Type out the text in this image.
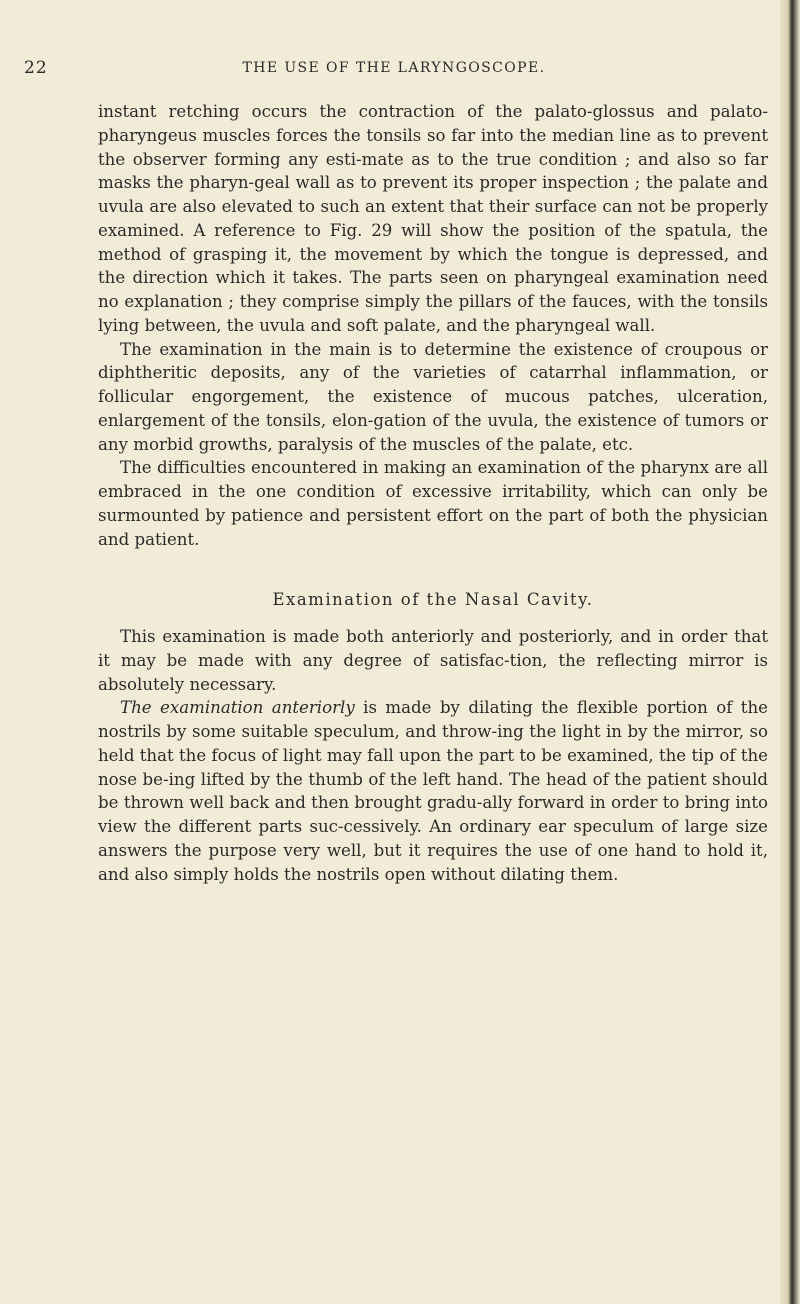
22	THE USE OF THE LARYNGOSCOPE.

instant retching occurs the contraction of the palato-glossus and palato-pharyngeus muscles forces the tonsils so far into the median line as to prevent the observer forming any esti-mate as to the true condition ; and also so far masks the pharyn-geal wall as to prevent its proper inspection ; the palate and uvula are also elevated to such an extent that their surface can not be properly examined. A reference to Fig. 29 will show the position of the spatula, the method of grasping it, the movement by which the tongue is depressed, and the direction which it takes. The parts seen on pharyngeal examination need no explanation ; they comprise simply the pillars of the fauces, with the tonsils lying between, the uvula and soft palate, and the pharyngeal wall.

The examination in the main is to determine the existence of croupous or diphtheritic deposits, any of the varieties of catarrhal inflammation, or follicular engorgement, the existence of mucous patches, ulceration, enlargement of the tonsils, elon-gation of the uvula, the existence of tumors or any morbid growths, paralysis of the muscles of the palate, etc.

The difficulties encountered in making an examination of the pharynx are all embraced in the one condition of excessive irritability, which can only be surmounted by patience and persistent effort on the part of both the physician and patient.

Examination of the Nasal Cavity.

This examination is made both anteriorly and posteriorly, and in order that it may be made with any degree of satisfac-tion, the reflecting mirror is absolutely necessary.

The examination anteriorly is made by dilating the flexible portion of the nostrils by some suitable speculum, and throw-ing the light in by the mirror, so held that the focus of light may fall upon the part to be examined, the tip of the nose be-ing lifted by the thumb of the left hand. The head of the patient should be thrown well back and then brought gradu-ally forward in order to bring into view the different parts suc-cessively. An ordinary ear speculum of large size answers the purpose very well, but it requires the use of one hand to hold it, and also simply holds the nostrils open without dilating them.
